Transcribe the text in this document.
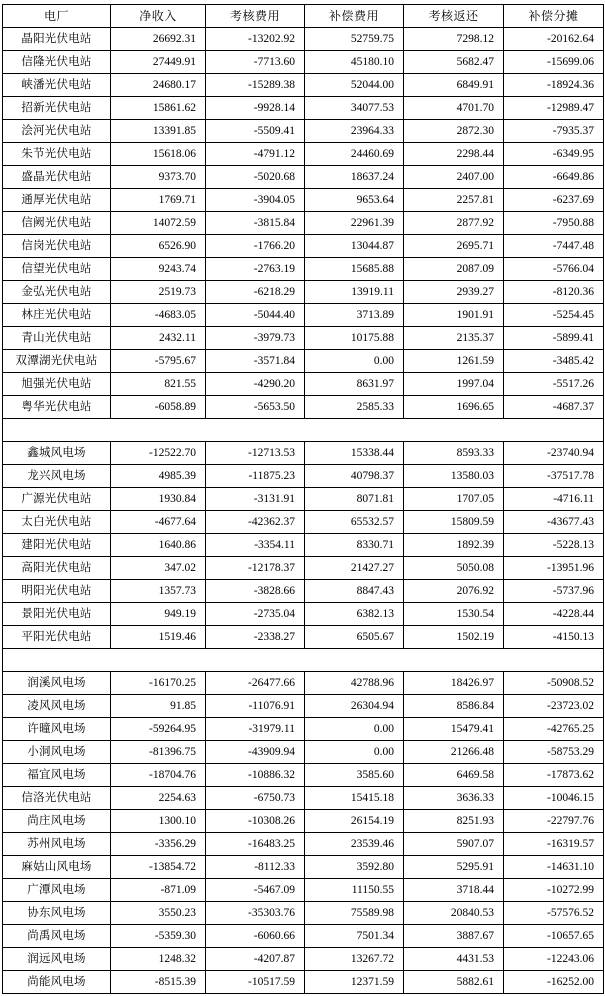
电厂	净收入	考核费用	补偿费用	考核返还	补偿分摊
晶阳光伏电站	26692.31	-13202.92	52759.75	7298.12	-20162.64
信隆光伏电站	27449.91	-7713.60	45180.10	5682.47	-15699.06
峡潘光伏电站	24680.17	-15289.38	52044.00	6849.91	-18924.36
招新光伏电站	15861.62	-9928.14	34077.53	4701.70	-12989.47
浍河光伏电站	13391.85	-5509.41	23964.33	2872.30	-7935.37
朱节光伏电站	15618.06	-4791.12	24460.69	2298.44	-6349.95
盛晶光伏电站	9373.70	-5020.68	18637.24	2407.00	-6649.86
通厚光伏电站	1769.71	-3904.05	9653.64	2257.81	-6237.69
信阙光伏电站	14072.59	-3815.84	22961.39	2877.92	-7950.88
信岗光伏电站	6526.90	-1766.20	13044.87	2695.71	-7447.48
信望光伏电站	9243.74	-2763.19	15685.88	2087.09	-5766.04
金弘光伏电站	2519.73	-6218.29	13919.11	2939.27	-8120.36
林庄光伏电站	-4683.05	-5044.40	3713.89	1901.91	-5254.45
青山光伏电站	2432.11	-3979.73	10175.88	2135.37	-5899.41
双潭湖光伏电站	-5795.67	-3571.84	0.00	1261.59	-3485.42
旭强光伏电站	821.55	-4290.20	8631.97	1997.04	-5517.26
粤华光伏电站	-6058.89	-5653.50	2585.33	1696.65	-4687.37

鑫城风电场	-12522.70	-12713.53	15338.44	8593.33	-23740.94
龙兴风电场	4985.39	-11875.23	40798.37	13580.03	-37517.78
广源光伏电站	1930.84	-3131.91	8071.81	1707.05	-4716.11
太白光伏电站	-4677.64	-42362.37	65532.57	15809.59	-43677.43
建阳光伏电站	1640.86	-3354.11	8330.71	1892.39	-5228.13
高阳光伏电站	347.02	-12178.37	21427.27	5050.08	-13951.96
明阳光伏电站	1357.73	-3828.66	8847.43	2076.92	-5737.96
景阳光伏电站	949.19	-2735.04	6382.13	1530.54	-4228.44
平阳光伏电站	1519.46	-2338.27	6505.67	1502.19	-4150.13

润溪风电场	-16170.25	-26477.66	42788.96	18426.97	-50908.52
凌风风电场	91.85	-11076.91	26304.94	8586.84	-23723.02
许曈风电场	-59264.95	-31979.11	0.00	15479.41	-42765.25
小洞风电场	-81396.75	-43909.94	0.00	21266.48	-58753.29
福宜风电场	-18704.76	-10886.32	3585.60	6469.58	-17873.62
信洛光伏电站	2254.63	-6750.73	15415.18	3636.33	-10046.15
尚庄风电场	1300.10	-10308.26	26154.19	8251.93	-22797.76
苏州风电场	-3356.29	-16483.25	23539.46	5907.07	-16319.57
麻姑山风电场	-13854.72	-8112.33	3592.80	5295.91	-14631.10
广潭风电场	-871.09	-5467.09	11150.55	3718.44	-10272.99
协东风电场	3550.23	-35303.76	75589.98	20840.53	-57576.52
尚禹风电场	-5359.30	-6060.66	7501.34	3887.67	-10657.65
润远风电场	1248.32	-4207.87	13267.72	4431.53	-12243.06
尚能风电场	-8515.39	-10517.59	12371.59	5882.61	-16252.00
